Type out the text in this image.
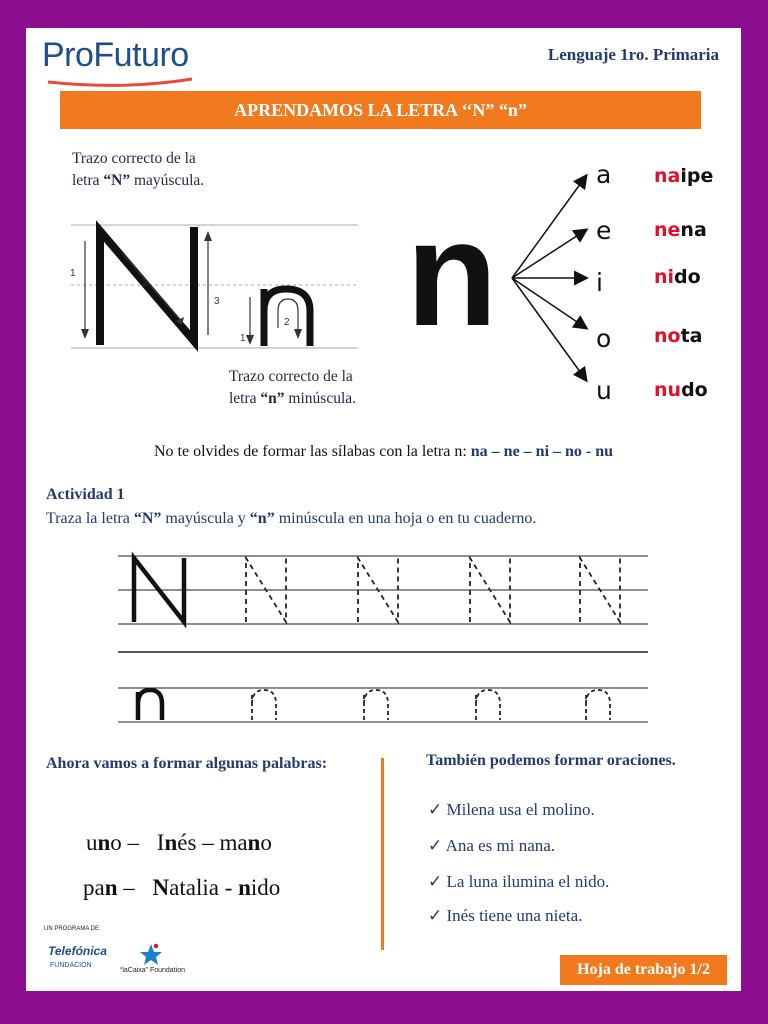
ProFuturo	Lenguaje 1ro. Primaria
APRENDAMOS LA LETRA ‘‘N” “n”
Trazo correcto de la
letra “N” mayúscula.
1
2
3
1
2
Trazo correcto de la
letra “n” minúscula.
n
a
e
i
o
u
naipe
nena
nido
nota
nudo
No te olvides de formar las sílabas con la letra n: na – ne – ni – no - nu
Actividad 1
Traza la letra “N” mayúscula y “n” minúscula en una hoja o en tu cuaderno.
Ahora vamos a formar algunas palabras:
uno – Inés – mano
pan – Natalia - nido
También podemos formar oraciones.
✓ Milena usa el molino.
✓ Ana es mi nana.
✓ La luna ilumina el nido.
✓ Inés tiene una nieta.
UN PROGRAMA DE:
Telefónica
FUNDACIÓN
“laCaixa” Foundation	Hoja de trabajo 1/2
